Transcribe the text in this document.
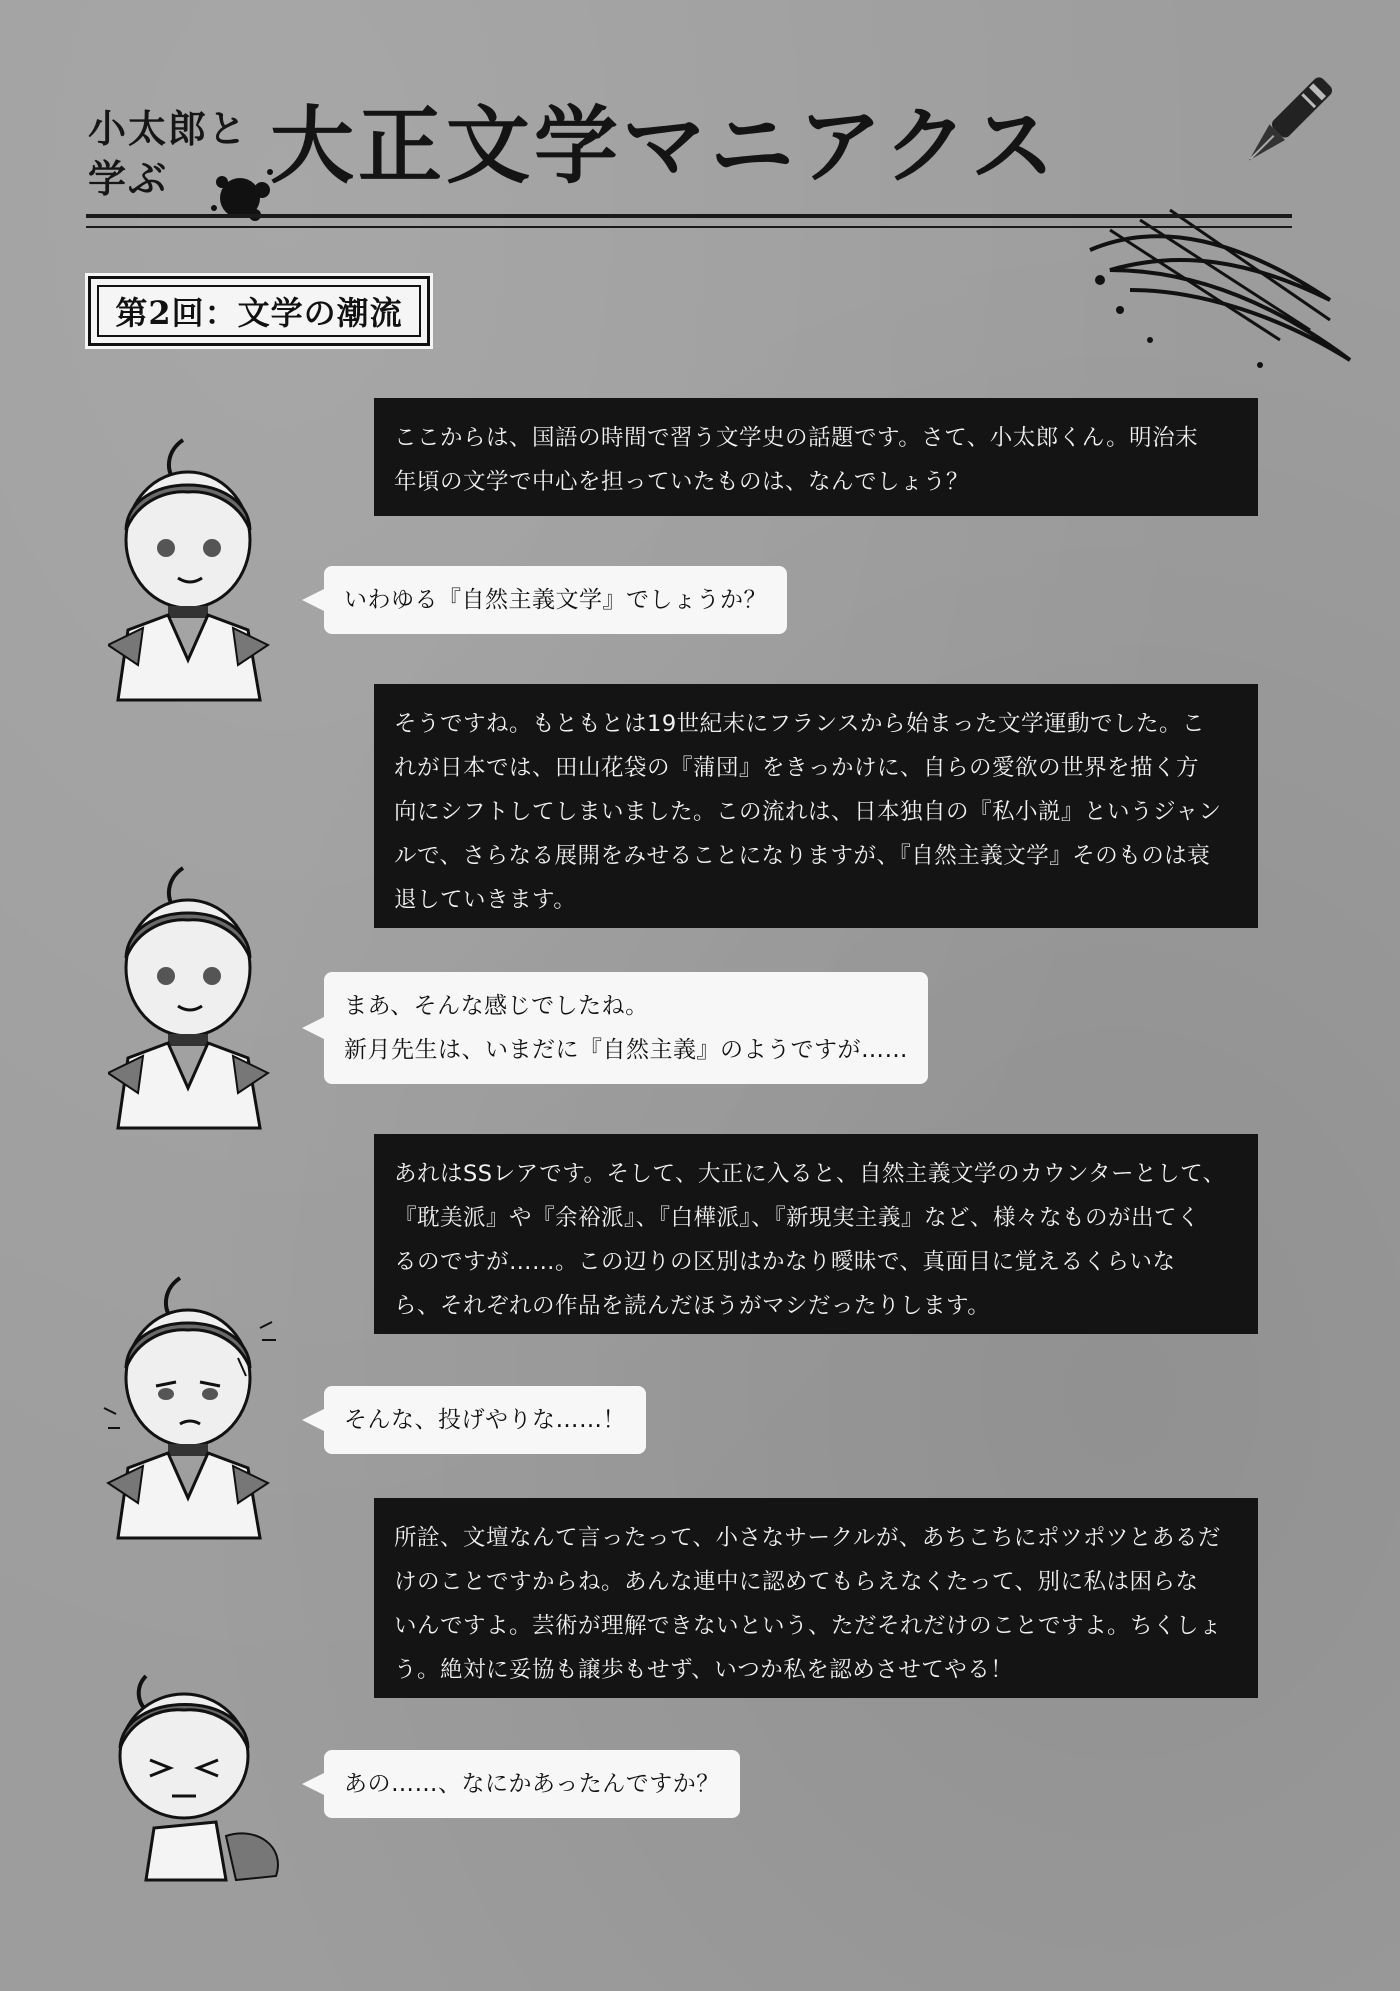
小太郎と
学ぶ	大正文学マニアクス
第2回：文学の潮流
ここからは、国語の時間で習う文学史の話題です。さて、小太郎くん。明治末
年頃の文学で中心を担っていたものは、なんでしょう？
いわゆる『自然主義文学』でしょうか？
そうですね。もともとは19世紀末にフランスから始まった文学運動でした。こ
れが日本では、田山花袋の『蒲団』をきっかけに、自らの愛欲の世界を描く方
向にシフトしてしまいました。この流れは、日本独自の『私小説』というジャン
ルで、さらなる展開をみせることになりますが、『自然主義文学』そのものは衰
退していきます。
まあ、そんな感じでしたね。
新月先生は、いまだに『自然主義』のようですが……
あれはSSレアです。そして、大正に入ると、自然主義文学のカウンターとして、
『耽美派』や『余裕派』、『白樺派』、『新現実主義』など、様々なものが出てく
るのですが……。この辺りの区別はかなり曖昧で、真面目に覚えるくらいな
ら、それぞれの作品を読んだほうがマシだったりします。
そんな、投げやりな……！
所詮、文壇なんて言ったって、小さなサークルが、あちこちにポツポツとあるだ
けのことですからね。あんな連中に認めてもらえなくたって、別に私は困らな
いんですよ。芸術が理解できないという、ただそれだけのことですよ。ちくしょ
う。絶対に妥協も譲歩もせず、いつか私を認めさせてやる！
あの……、なにかあったんですか？
